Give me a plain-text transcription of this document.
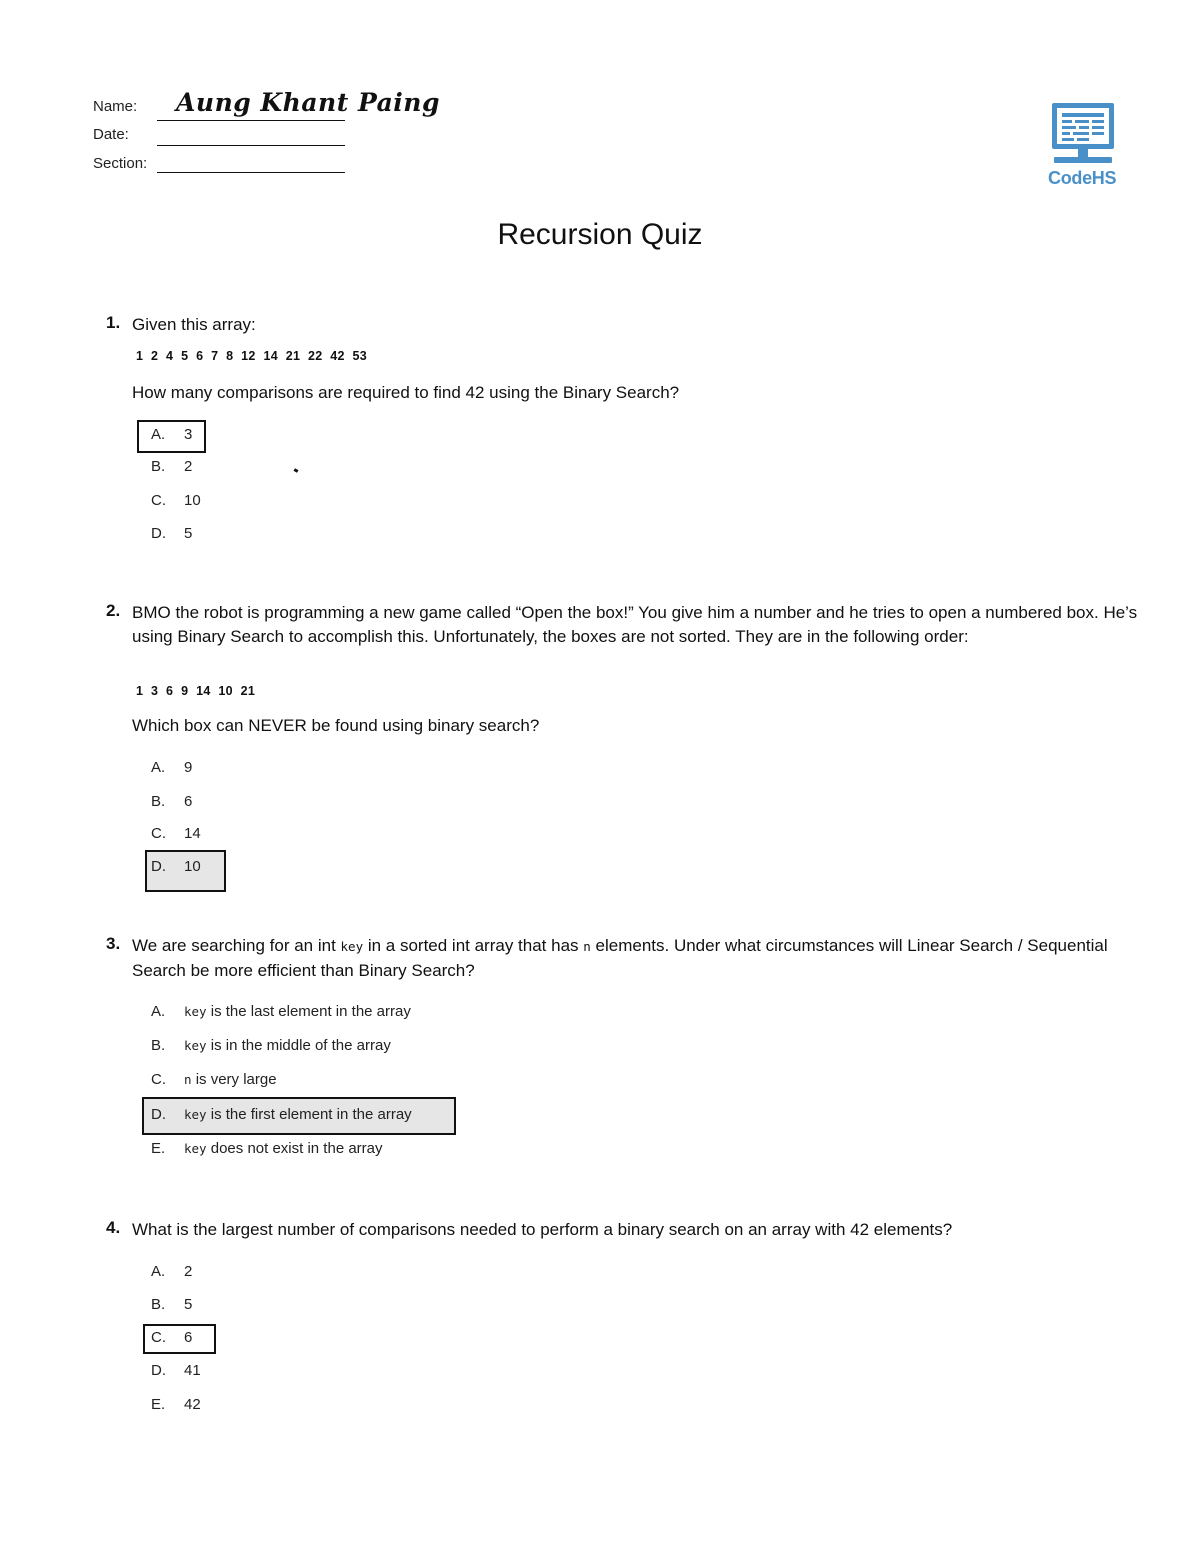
Name: Aung Khant Paing
Date:
Section:
CodeHS
Recursion Quiz
1. Given this array:
1 2 4 5 6 7 8 12 14 21 22 42 53
How many comparisons are required to find 42 using the Binary Search?
A. 3
B. 2
C. 10
D. 5
2. BMO the robot is programming a new game called “Open the box!” You give him a number and he tries to open a numbered box. He’s using Binary Search to accomplish this. Unfortunately, the boxes are not sorted. They are in the following order:
1 3 6 9 14 10 21
Which box can NEVER be found using binary search?
A. 9
B. 6
C. 14
D. 10
3. We are searching for an int key in a sorted int array that has n elements. Under what circumstances will Linear Search / Sequential Search be more efficient than Binary Search?
A. key is the last element in the array
B. key is in the middle of the array
C. n is very large
D. key is the first element in the array
E. key does not exist in the array
4. What is the largest number of comparisons needed to perform a binary search on an array with 42 elements?
A. 2
B. 5
C. 6
D. 41
E. 42
